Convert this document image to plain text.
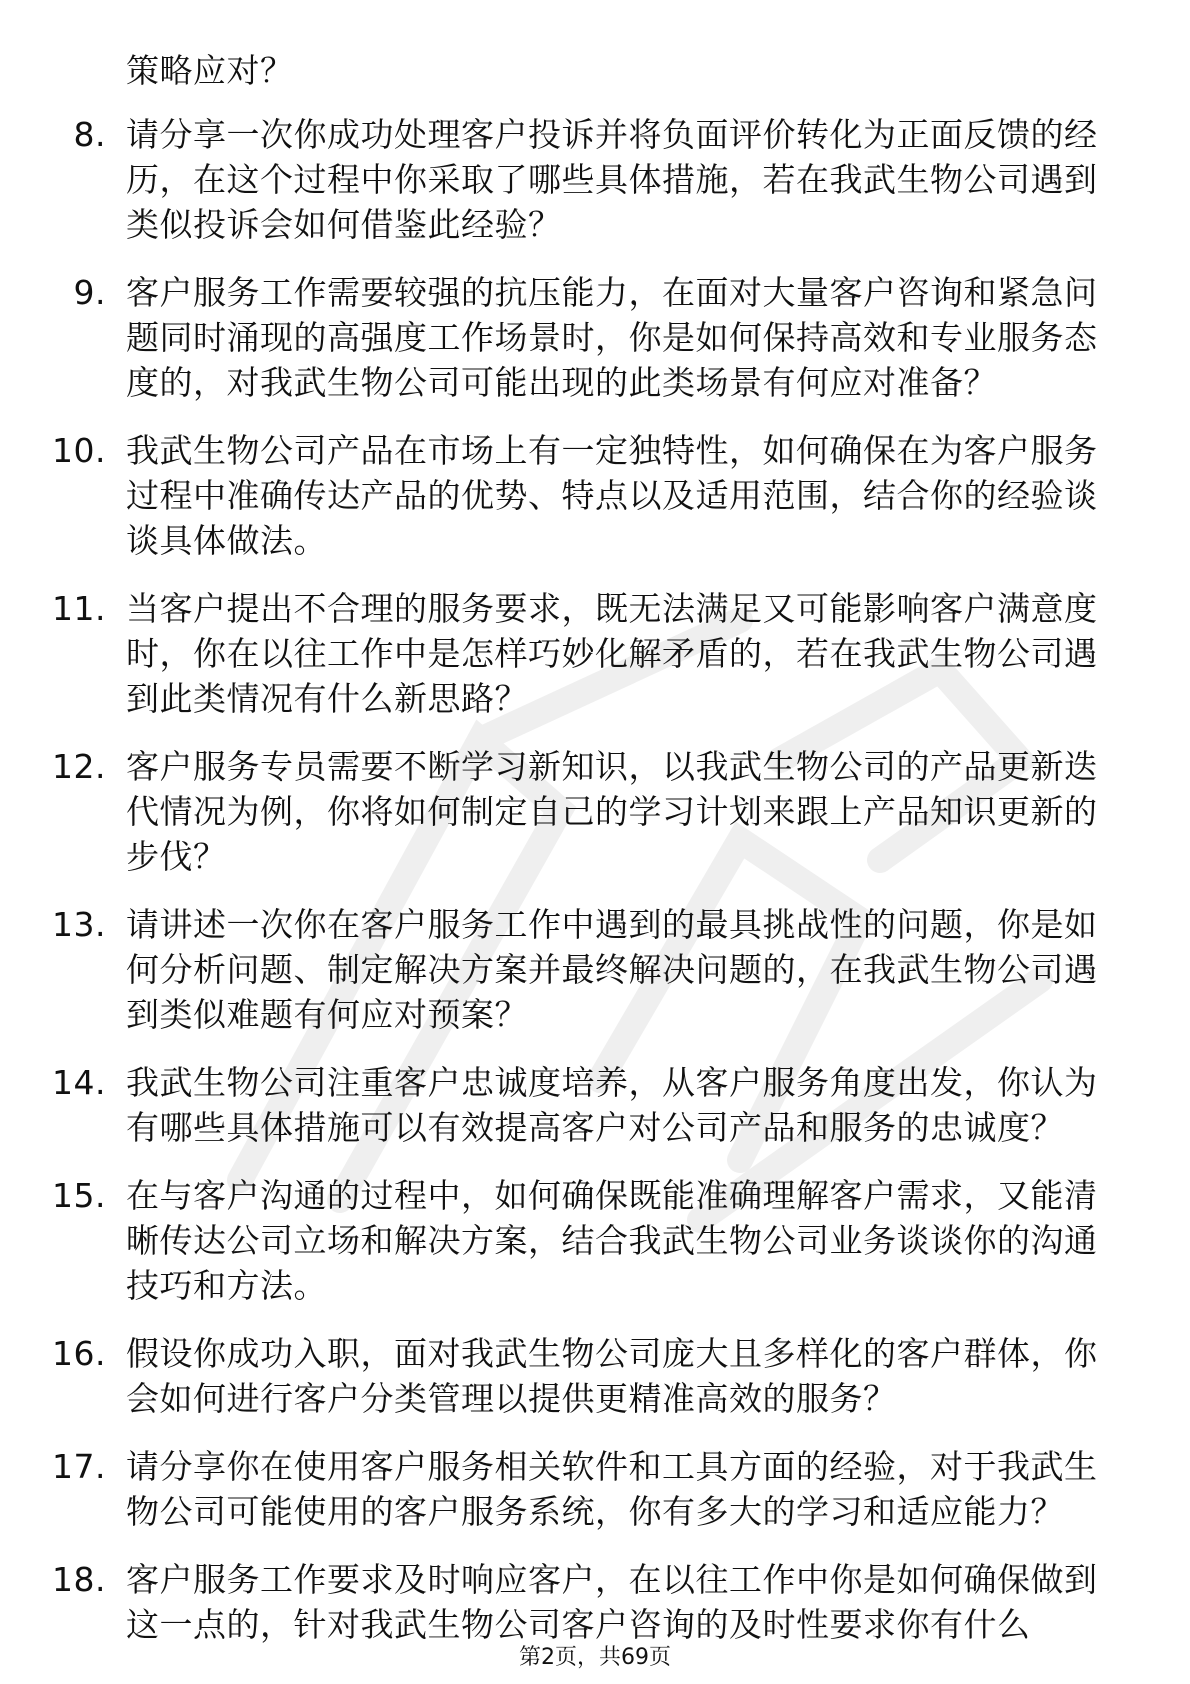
策略应对？

8. 请分享一次你成功处理客户投诉并将负面评价转化为正面反馈的经历，在这个过程中你采取了哪些具体措施，若在我武生物公司遇到类似投诉会如何借鉴此经验？
9. 客户服务工作需要较强的抗压能力，在面对大量客户咨询和紧急问题同时涌现的高强度工作场景时，你是如何保持高效和专业服务态度的，对我武生物公司可能出现的此类场景有何应对准备？
10. 我武生物公司产品在市场上有一定独特性，如何确保在为客户服务过程中准确传达产品的优势、特点以及适用范围，结合你的经验谈谈具体做法。
11. 当客户提出不合理的服务要求，既无法满足又可能影响客户满意度时，你在以往工作中是怎样巧妙化解矛盾的，若在我武生物公司遇到此类情况有什么新思路？
12. 客户服务专员需要不断学习新知识，以我武生物公司的产品更新迭代情况为例，你将如何制定自己的学习计划来跟上产品知识更新的步伐？
13. 请讲述一次你在客户服务工作中遇到的最具挑战性的问题，你是如何分析问题、制定解决方案并最终解决问题的，在我武生物公司遇到类似难题有何应对预案？
14. 我武生物公司注重客户忠诚度培养，从客户服务角度出发，你认为有哪些具体措施可以有效提高客户对公司产品和服务的忠诚度？
15. 在与客户沟通的过程中，如何确保既能准确理解客户需求，又能清晰传达公司立场和解决方案，结合我武生物公司业务谈谈你的沟通技巧和方法。
16. 假设你成功入职，面对我武生物公司庞大且多样化的客户群体，你会如何进行客户分类管理以提供更精准高效的服务？
17. 请分享你在使用客户服务相关软件和工具方面的经验，对于我武生物公司可能使用的客户服务系统，你有多大的学习和适应能力？
18. 客户服务工作要求及时响应客户，在以往工作中你是如何确保做到这一点的，针对我武生物公司客户咨询的及时性要求你有什么
第2页，共69页
